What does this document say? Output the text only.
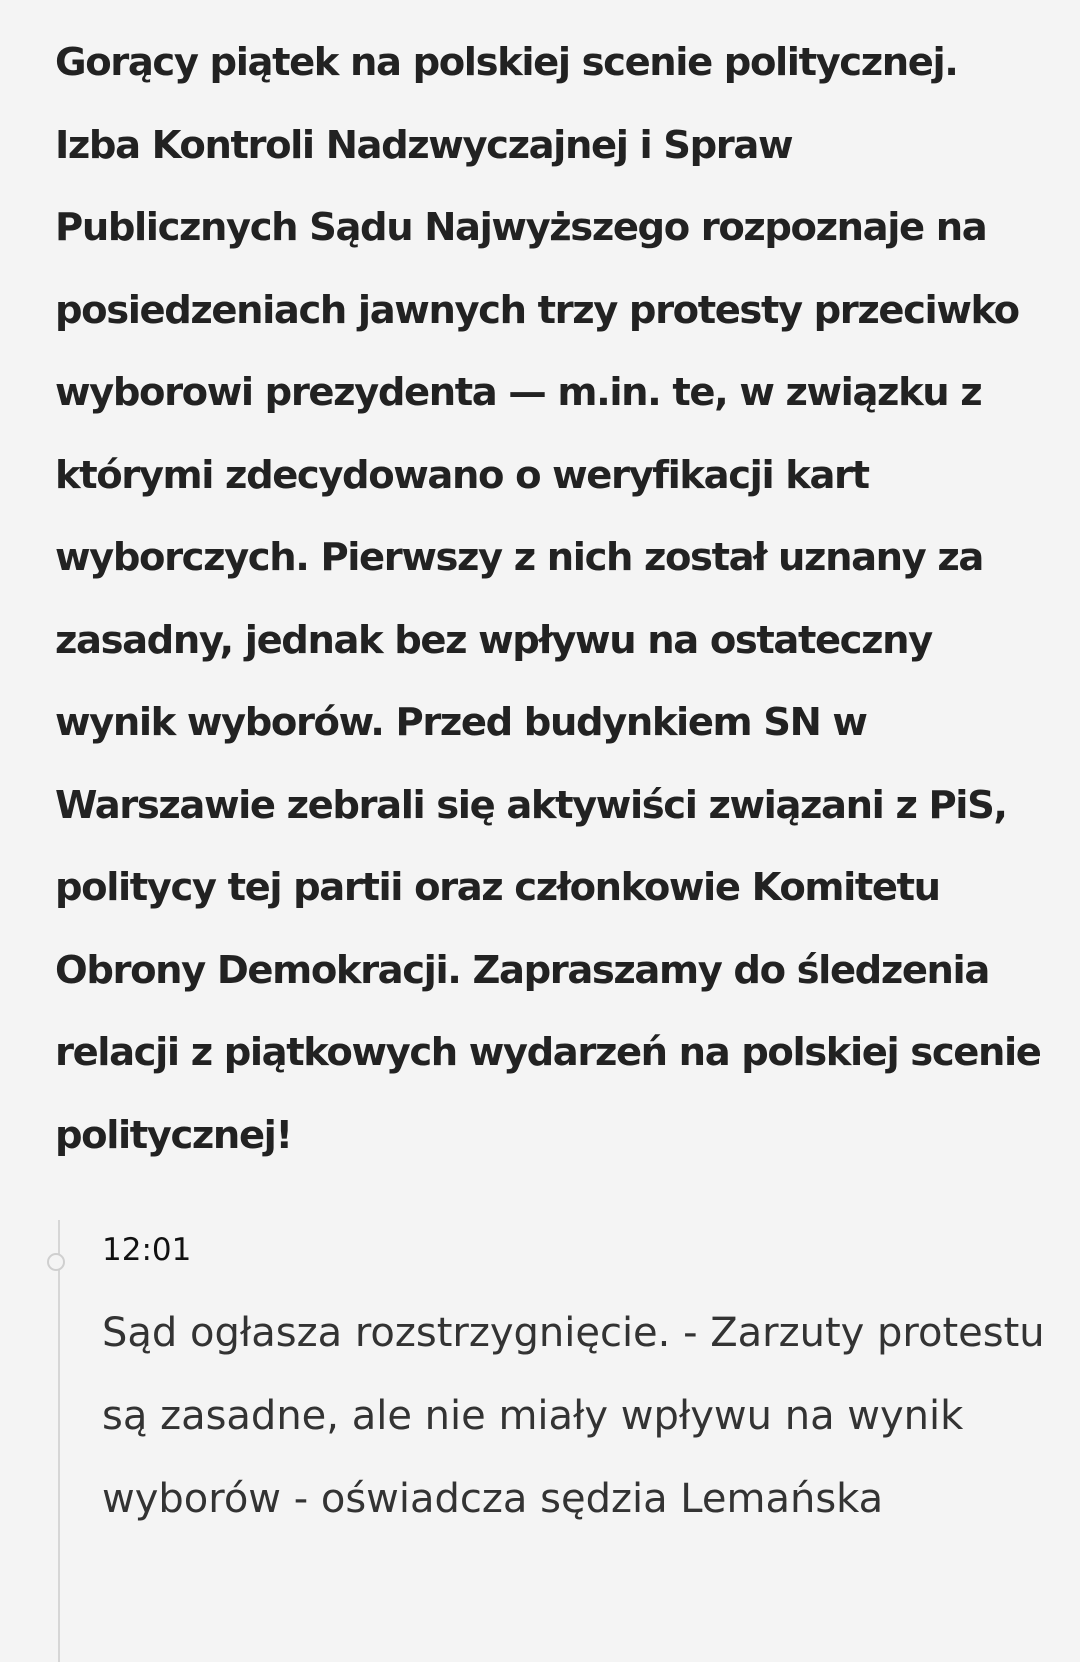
Gorący piątek na polskiej scenie politycznej. Izba Kontroli Nadzwyczajnej i Spraw Publicznych Sądu Najwyższego rozpoznaje na posiedzeniach jawnych trzy protesty przeciwko wyborowi prezydenta — m.in. te, w związku z którymi zdecydowano o weryfikacji kart wyborczych. Pierwszy z nich został uznany za zasadny, jednak bez wpływu na ostateczny wynik wyborów. Przed budynkiem SN w Warszawie zebrali się aktywiści związani z PiS, politycy tej partii oraz członkowie Komitetu Obrony Demokracji. Zapraszamy do śledzenia relacji z piątkowych wydarzeń na polskiej scenie politycznej!

12:01

Sąd ogłasza rozstrzygnięcie. - Zarzuty protestu są zasadne, ale nie miały wpływu na wynik wyborów - oświadcza sędzia Lemańska
